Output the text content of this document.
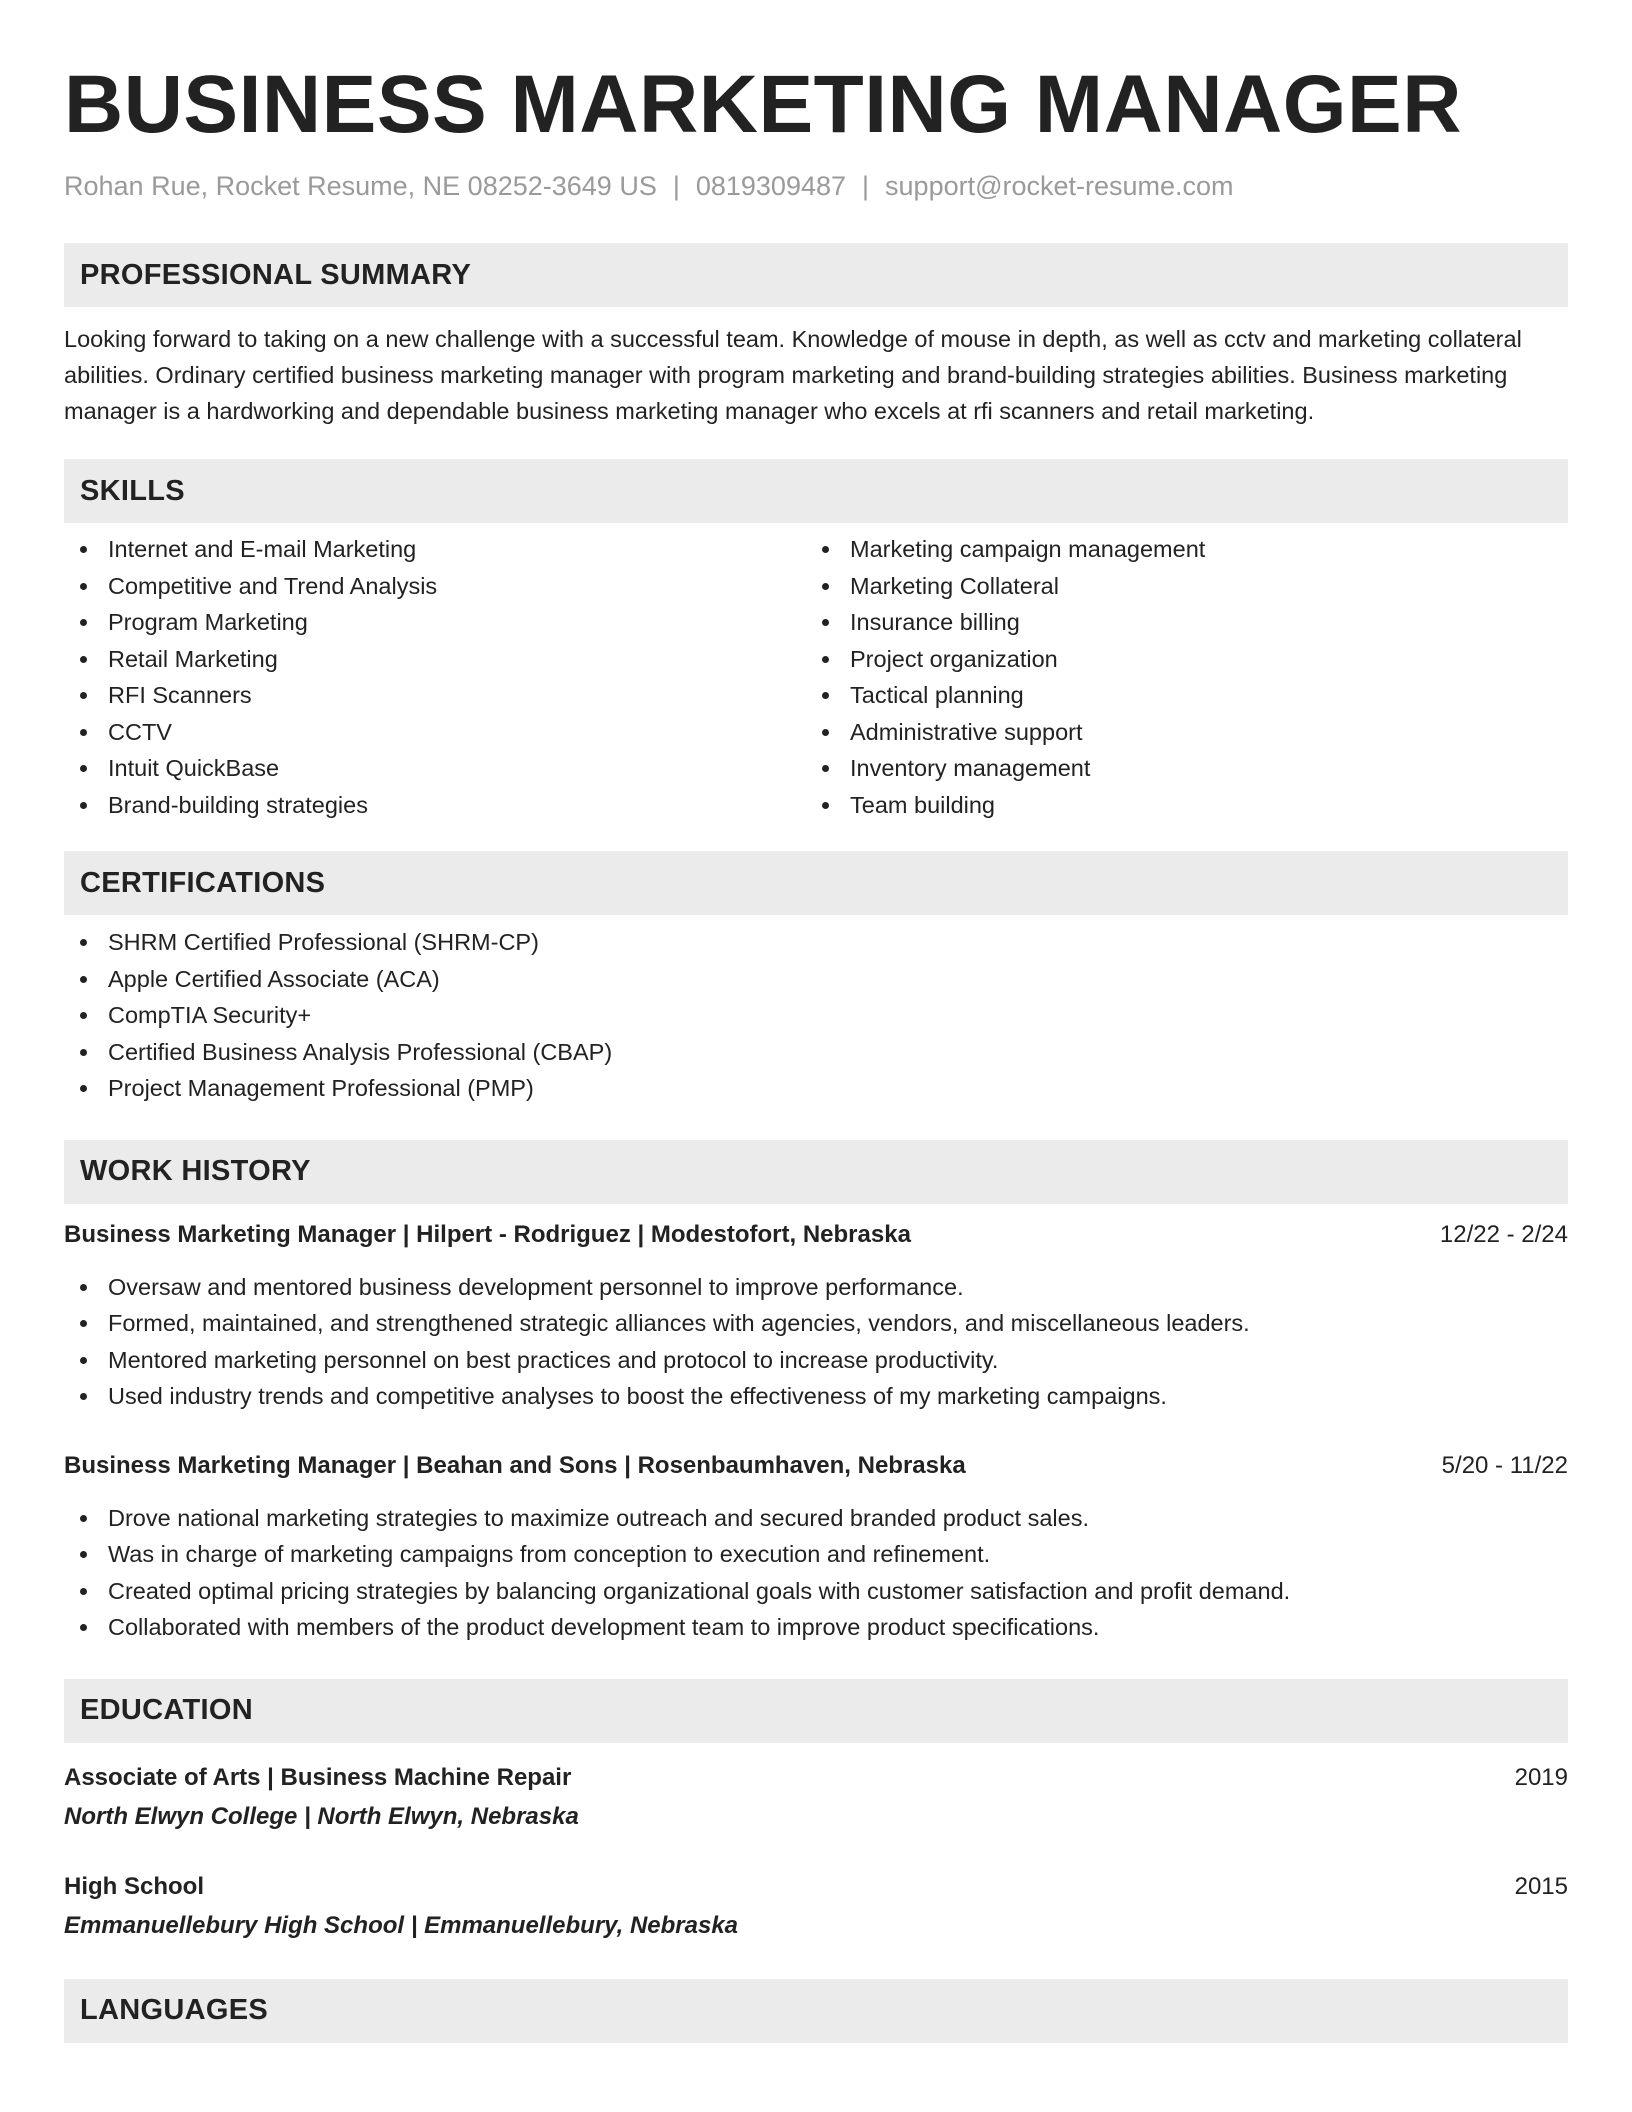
BUSINESS MARKETING MANAGER
Rohan Rue, Rocket Resume, NE 08252-3649 US | 0819309487 | support@rocket-resume.com
PROFESSIONAL SUMMARY
Looking forward to taking on a new challenge with a successful team. Knowledge of mouse in depth, as well as cctv and marketing collateral abilities. Ordinary certified business marketing manager with program marketing and brand-building strategies abilities. Business marketing manager is a hardworking and dependable business marketing manager who excels at rfi scanners and retail marketing.
SKILLS
Internet and E-mail Marketing
Competitive and Trend Analysis
Program Marketing
Retail Marketing
RFI Scanners
CCTV
Intuit QuickBase
Brand-building strategies
Marketing campaign management
Marketing Collateral
Insurance billing
Project organization
Tactical planning
Administrative support
Inventory management
Team building
CERTIFICATIONS
SHRM Certified Professional (SHRM-CP)
Apple Certified Associate (ACA)
CompTIA Security+
Certified Business Analysis Professional (CBAP)
Project Management Professional (PMP)
WORK HISTORY
Business Marketing Manager | Hilpert - Rodriguez | Modestofort, Nebraska	12/22 - 2/24
Oversaw and mentored business development personnel to improve performance.
Formed, maintained, and strengthened strategic alliances with agencies, vendors, and miscellaneous leaders.
Mentored marketing personnel on best practices and protocol to increase productivity.
Used industry trends and competitive analyses to boost the effectiveness of my marketing campaigns.
Business Marketing Manager | Beahan and Sons | Rosenbaumhaven, Nebraska	5/20 - 11/22
Drove national marketing strategies to maximize outreach and secured branded product sales.
Was in charge of marketing campaigns from conception to execution and refinement.
Created optimal pricing strategies by balancing organizational goals with customer satisfaction and profit demand.
Collaborated with members of the product development team to improve product specifications.
EDUCATION
Associate of Arts | Business Machine Repair	2019
North Elwyn College | North Elwyn, Nebraska
High School	2015
Emmanuellebury High School | Emmanuellebury, Nebraska
LANGUAGES
